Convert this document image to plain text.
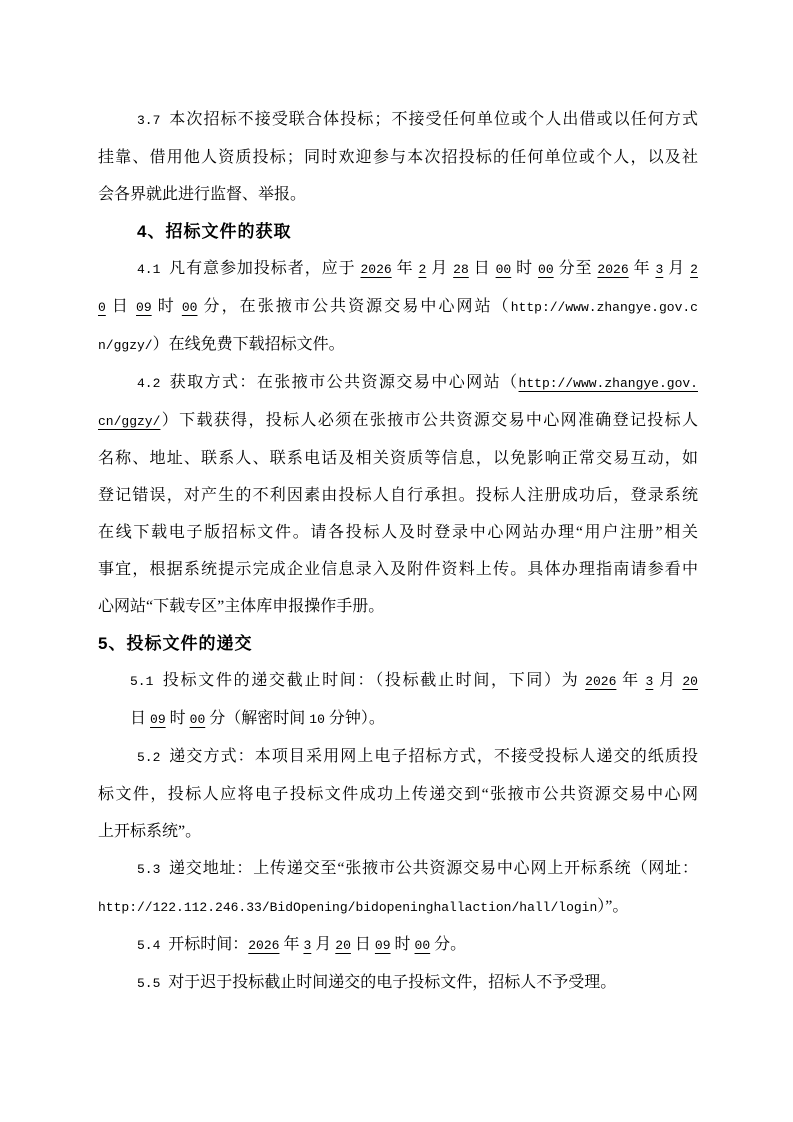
3.7 本次招标不接受联合体投标；不接受任何单位或个人出借或以任何方式
挂靠、借用他人资质投标；同时欢迎参与本次招投标的任何单位或个人，以及社
会各界就此进行监督、举报。
4、招标文件的获取
4.1 凡有意参加投标者，应于 2026 年 2 月 28 日 00 时 00 分至 2026 年 3 月 2
0 日 09 时 00 分，在张掖市公共资源交易中心网站（http://www.zhangye.gov.c
n/ggzy/）在线免费下载招标文件。
4.2 获取方式：在张掖市公共资源交易中心网站（http://www.zhangye.gov.
cn/ggzy/）下载获得，投标人必须在张掖市公共资源交易中心网准确登记投标人
名称、地址、联系人、联系电话及相关资质等信息，以免影响正常交易互动，如
登记错误，对产生的不利因素由投标人自行承担。投标人注册成功后，登录系统
在线下载电子版招标文件。请各投标人及时登录中心网站办理“用户注册”相关
事宜，根据系统提示完成企业信息录入及附件资料上传。具体办理指南请参看中
心网站“下载专区”主体库申报操作手册。
5、投标文件的递交
5.1 投标文件的递交截止时间：（投标截止时间，下同）为 2026 年 3 月 20
日 09 时 00 分（解密时间 10 分钟）。
5.2 递交方式：本项目采用网上电子招标方式，不接受投标人递交的纸质投
标文件，投标人应将电子投标文件成功上传递交到“张掖市公共资源交易中心网
上开标系统”。
5.3 递交地址：上传递交至“张掖市公共资源交易中心网上开标系统（网址：
http://122.112.246.33/BidOpening/bidopeninghallaction/hall/login）”。
5.4 开标时间：2026 年 3 月 20 日 09 时 00 分。
5.5 对于迟于投标截止时间递交的电子投标文件，招标人不予受理。
